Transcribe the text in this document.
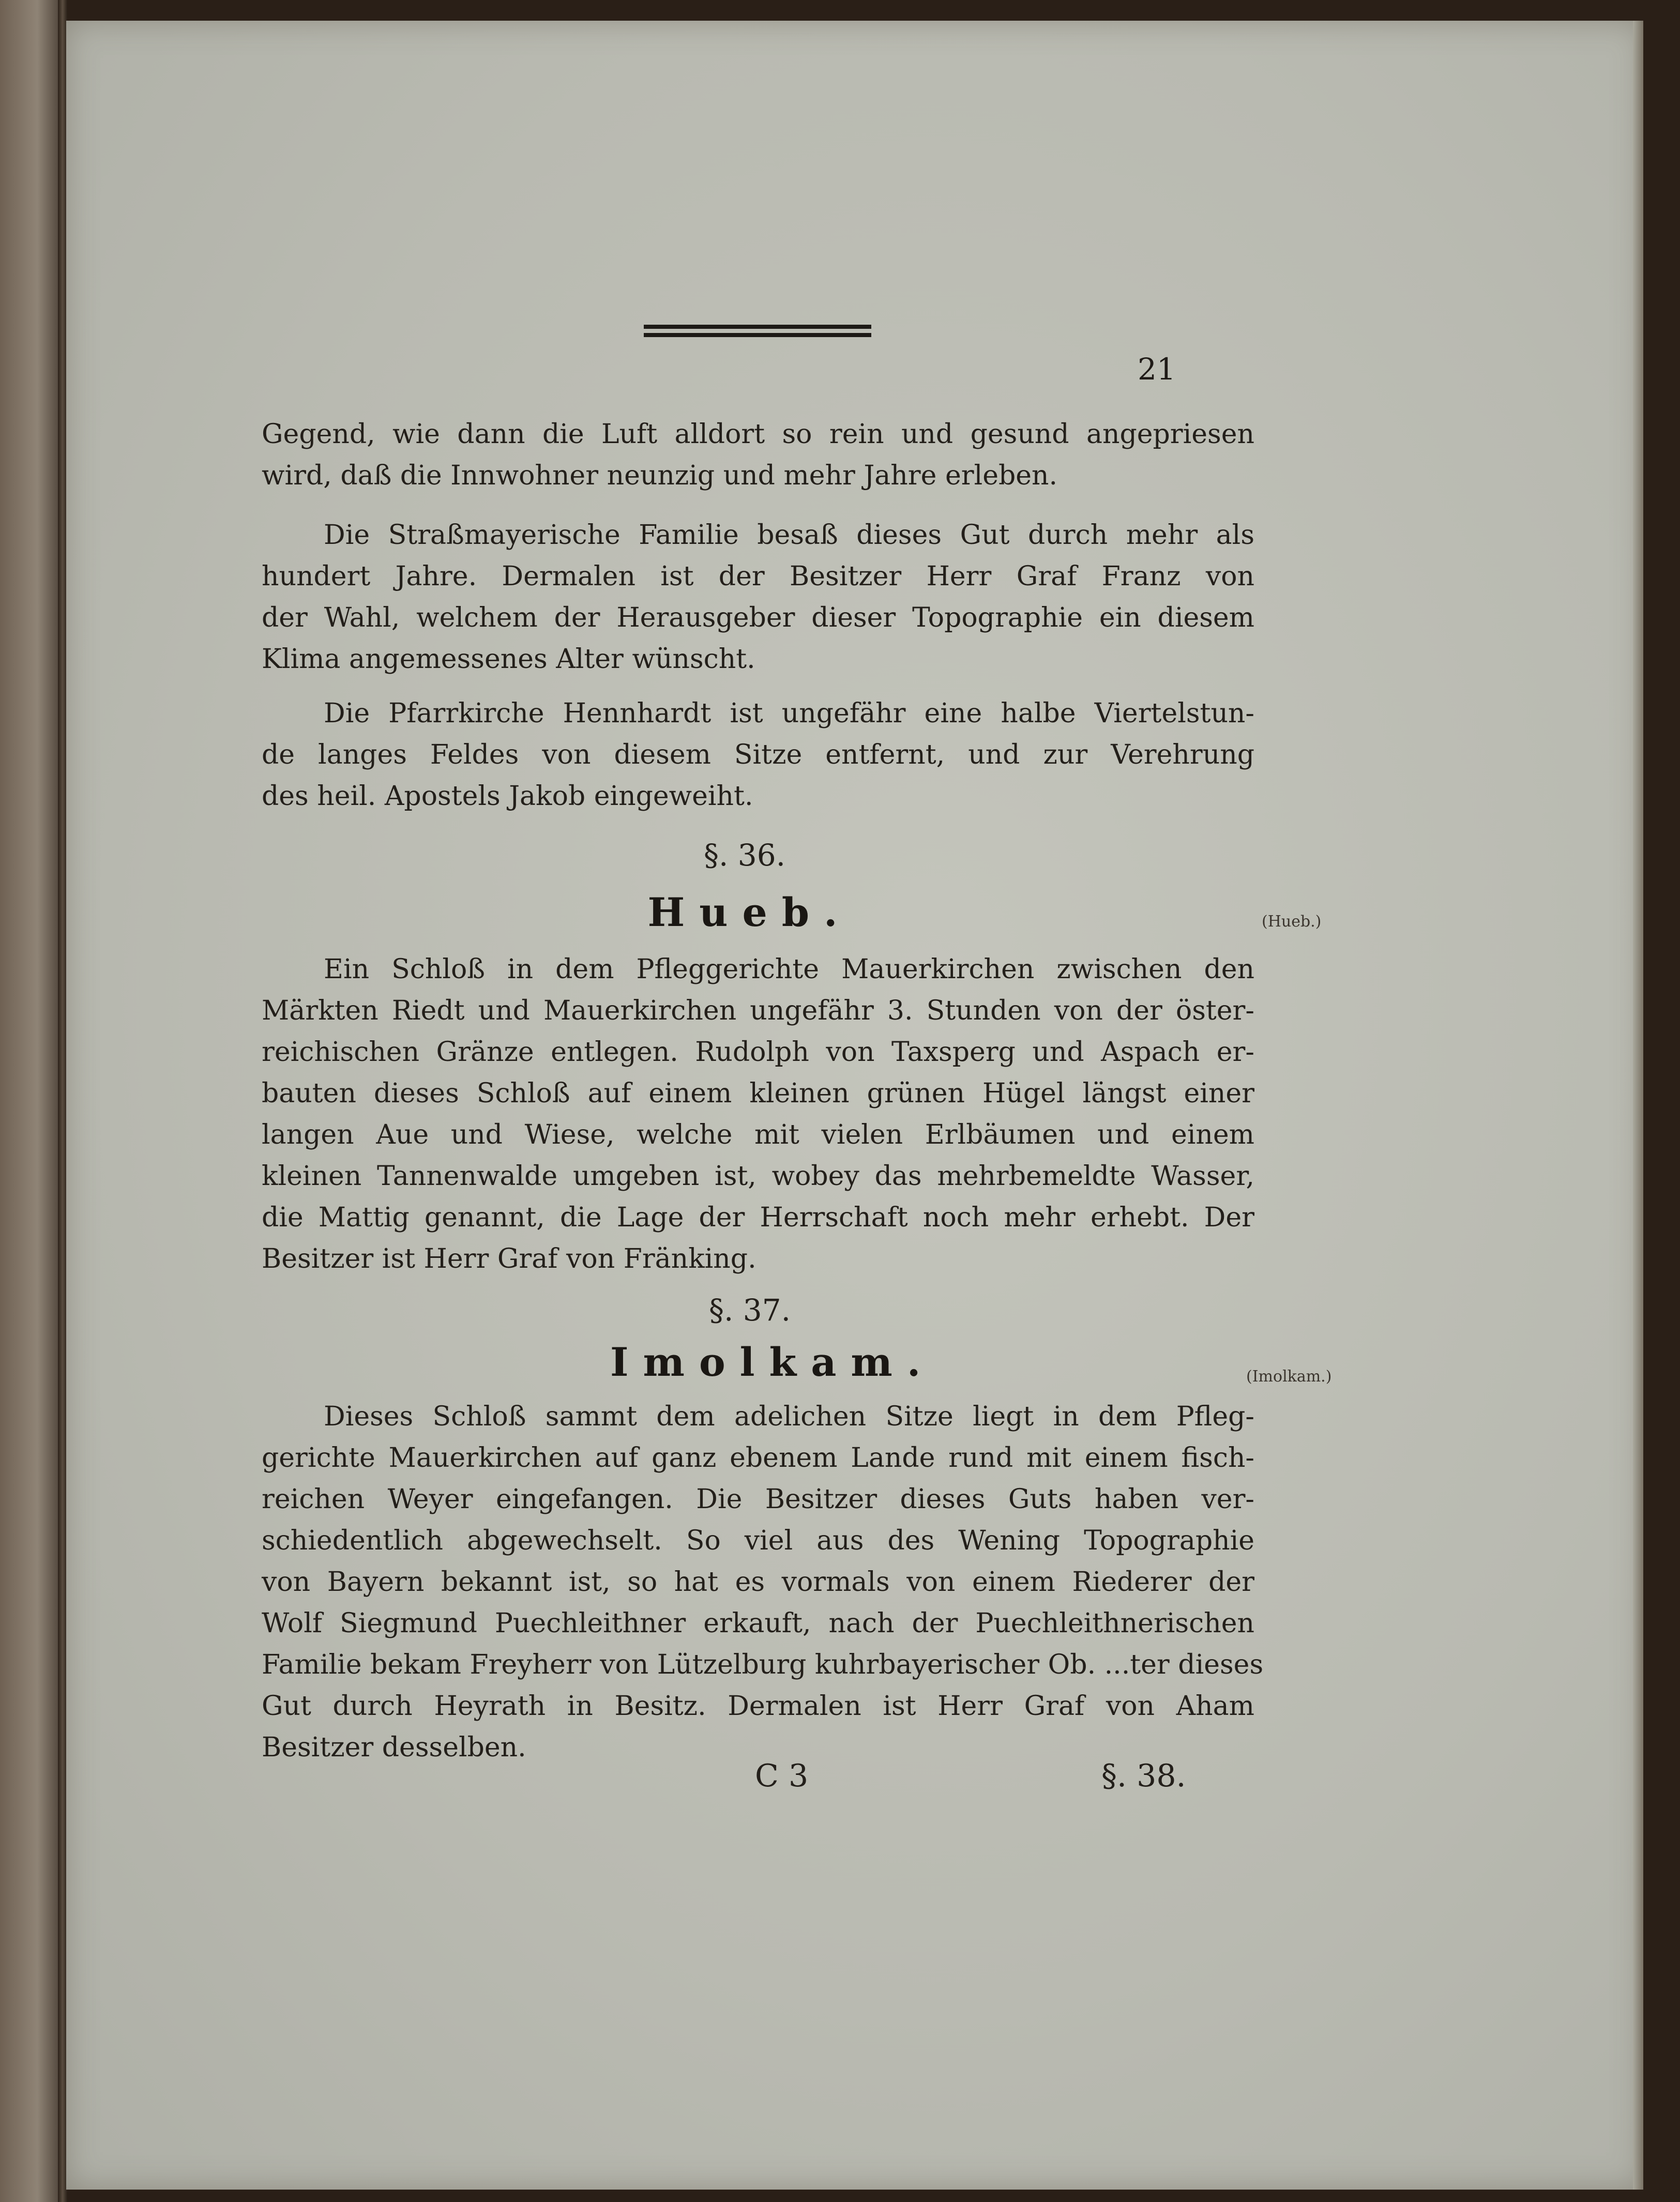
21

Gegend, wie dann die Luft alldort so rein und gesund angepriesen

wird, daß die Innwohner neunzig und mehr Jahre erleben.

Die Straßmayerische Familie besaß dieses Gut durch mehr als

hundert Jahre. Dermalen ist der Besitzer Herr Graf Franz von

der Wahl, welchem der Herausgeber dieser Topographie ein diesem

Klima angemessenes Alter wünscht.

Die Pfarrkirche Hennhardt ist ungefähr eine halbe Viertelstun-

de langes Feldes von diesem Sitze entfernt, und zur Verehrung

des heil. Apostels Jakob eingeweiht.

§. 36.
Hueb.	(Hueb.)

Ein Schloß in dem Pfleggerichte Mauerkirchen zwischen den

Märkten Riedt und Mauerkirchen ungefähr 3. Stunden von der öster-

reichischen Gränze entlegen. Rudolph von Taxsperg und Aspach er-

bauten dieses Schloß auf einem kleinen grünen Hügel längst einer

langen Aue und Wiese, welche mit vielen Erlbäumen und einem

kleinen Tannenwalde umgeben ist, wobey das mehrbemeldte Wasser,

die Mattig genannt, die Lage der Herrschaft noch mehr erhebt. Der

Besitzer ist Herr Graf von Fränking.

§. 37.
Imolkam.	(Imolkam.)

Dieses Schloß sammt dem adelichen Sitze liegt in dem Pfleg-

gerichte Mauerkirchen auf ganz ebenem Lande rund mit einem fisch-

reichen Weyer eingefangen. Die Besitzer dieses Guts haben ver-

schiedentlich abgewechselt. So viel aus des Wening Topographie

von Bayern bekannt ist, so hat es vormals von einem Riederer der

Wolf Siegmund Puechleithner erkauft, nach der Puechleithnerischen

Familie bekam Freyherr von Lützelburg kuhrbayerischer Ob. ...ter dieses

Gut durch Heyrath in Besitz. Dermalen ist Herr Graf von Aham

Besitzer desselben.

C 3	§. 38.
